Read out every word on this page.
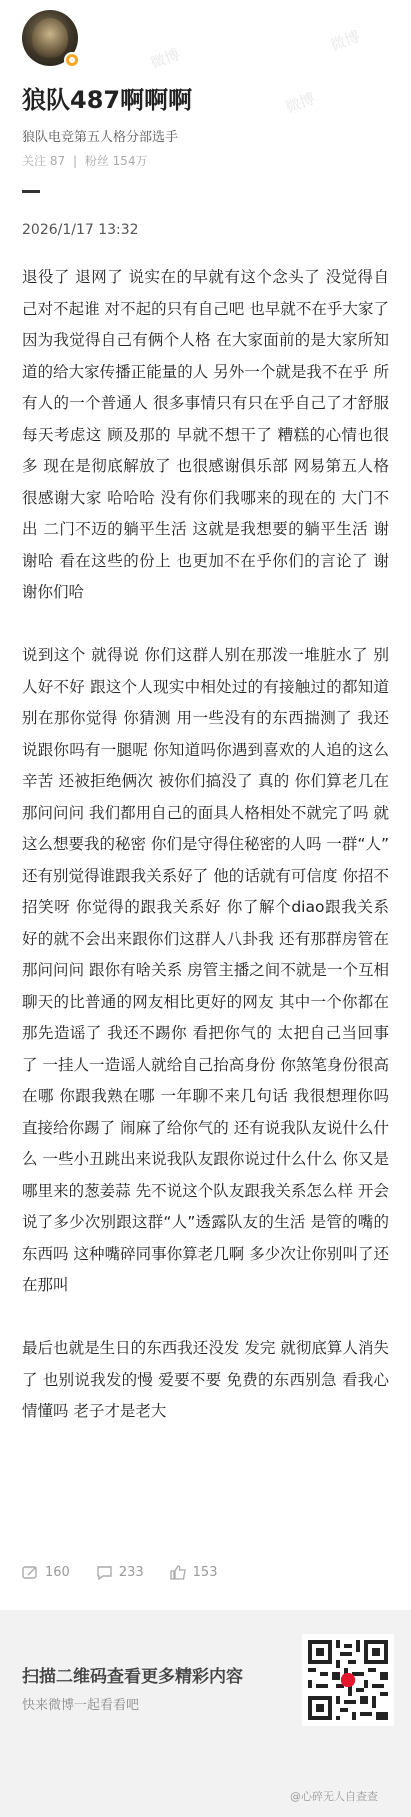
微博
微博
微博
狼队487啊啊啊
狼队电竞第五人格分部选手
关注 87 | 粉丝 154万
2026/1/17 13:32

退役了 退网了 说实在的早就有这个念头了 没觉得自己对不起谁 对不起的只有自己吧 也早就不在乎大家了 因为我觉得自己有俩个人格 在大家面前的是大家所知道的给大家传播正能量的人 另外一个就是我不在乎 所有人的一个普通人 很多事情只有只在乎自己了才舒服 每天考虑这 顾及那的 早就不想干了 糟糕的心情也很多 现在是彻底解放了 也很感谢俱乐部 网易第五人格 很感谢大家 哈哈哈 没有你们我哪来的现在的 大门不出 二门不迈的躺平生活 这就是我想要的躺平生活 谢谢哈 看在这些的份上 也更加不在乎你们的言论了 谢谢你们哈

说到这个 就得说 你们这群人别在那泼一堆脏水了 别人好不好 跟这个人现实中相处过的有接触过的都知道 别在那你觉得 你猜测 用一些没有的东西揣测了 我还说跟你吗有一腿呢 你知道吗你遇到喜欢的人追的这么辛苦 还被拒绝俩次 被你们搞没了 真的 你们算老几在那问问问 我们都用自己的面具人格相处不就完了吗 就这么想要我的秘密 你们是守得住秘密的人吗 一群“人” 还有别觉得谁跟我关系好了 他的话就有可信度 你招不招笑呀 你觉得的跟我关系好 你了解个diao跟我关系好的就不会出来跟你们这群人八卦我 还有那群房管在那问问问 跟你有啥关系 房管主播之间不就是一个互相聊天的比普通的网友相比更好的网友 其中一个你都在那先造谣了 我还不踢你 看把你气的 太把自己当回事了 一挂人一造谣人就给自己抬高身份 你煞笔身份很高在哪 你跟我熟在哪 一年聊不来几句话 我很想理你吗 直接给你踢了 闹麻了给你气的 还有说我队友说什么什么 一些小丑跳出来说我队友跟你说过什么什么 你又是哪里来的葱姜蒜 先不说这个队友跟我关系怎么样 开会说了多少次别跟这群“人”透露队友的生活 是管的嘴的东西吗 这种嘴碎同事你算老几啊 多少次让你别叫了还在那叫

最后也就是生日的东西我还没发 发完 就彻底算人消失了 也别说我发的慢 爱要不要 免费的东西别急 看我心情懂吗 老子才是老大

160	233	153
扫描二维码查看更多精彩内容
快来微博一起看看吧
@心碎无人自查查
